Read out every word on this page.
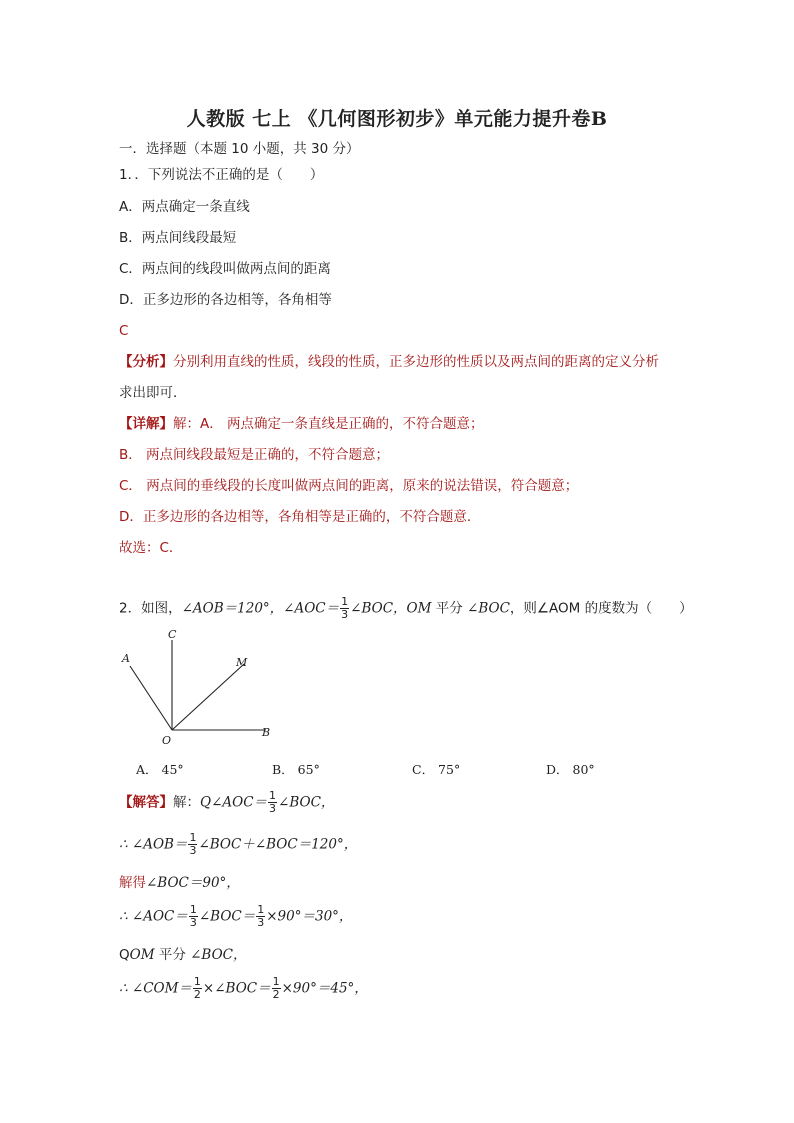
人教版 七上 《几何图形初步》单元能力提升卷B
一．选择题（本题 10 小题，共 30 分）
1．．下列说法不正确的是（　　）
A．两点确定一条直线
B．两点间线段最短
C．两点间的线段叫做两点间的距离
D．正多边形的各边相等，各角相等
C
【分析】分别利用直线的性质，线段的性质，正多边形的性质以及两点间的距离的定义分析
求出即可．
【详解】解：A． 两点确定一条直线是正确的，不符合题意；
B． 两点间线段最短是正确的，不符合题意；
C． 两点间的垂线段的长度叫做两点间的距离，原来的说法错误，符合题意；
D．正多边形的各边相等，各角相等是正确的，不符合题意．
故选：C．
2．如图，∠AOB＝120°，∠AOC＝ $\frac{1}{3}$ ∠BOC，OM 平分 ∠BOC，则∠AOM 的度数为（　　）
A
C
M
O
B
A． 45°	B． 65°	C． 75°	D． 80°
【解答】解：Q∠AOC＝ $\frac{1}{3}$ ∠BOC，
∴ ∠AOB＝ $\frac{1}{3}$ ∠BOC＋∠BOC＝120°，
解得∠BOC＝90°，
∴ ∠AOC＝ $\frac{1}{3}$ ∠BOC＝ $\frac{1}{3} \times 90^\circ=30^\circ$，
QOM 平分 ∠BOC，
∴ ∠COM＝ $\frac{1}{2}$ ×∠BOC＝ $\frac{1}{2} \times 90^\circ=45^\circ$，
